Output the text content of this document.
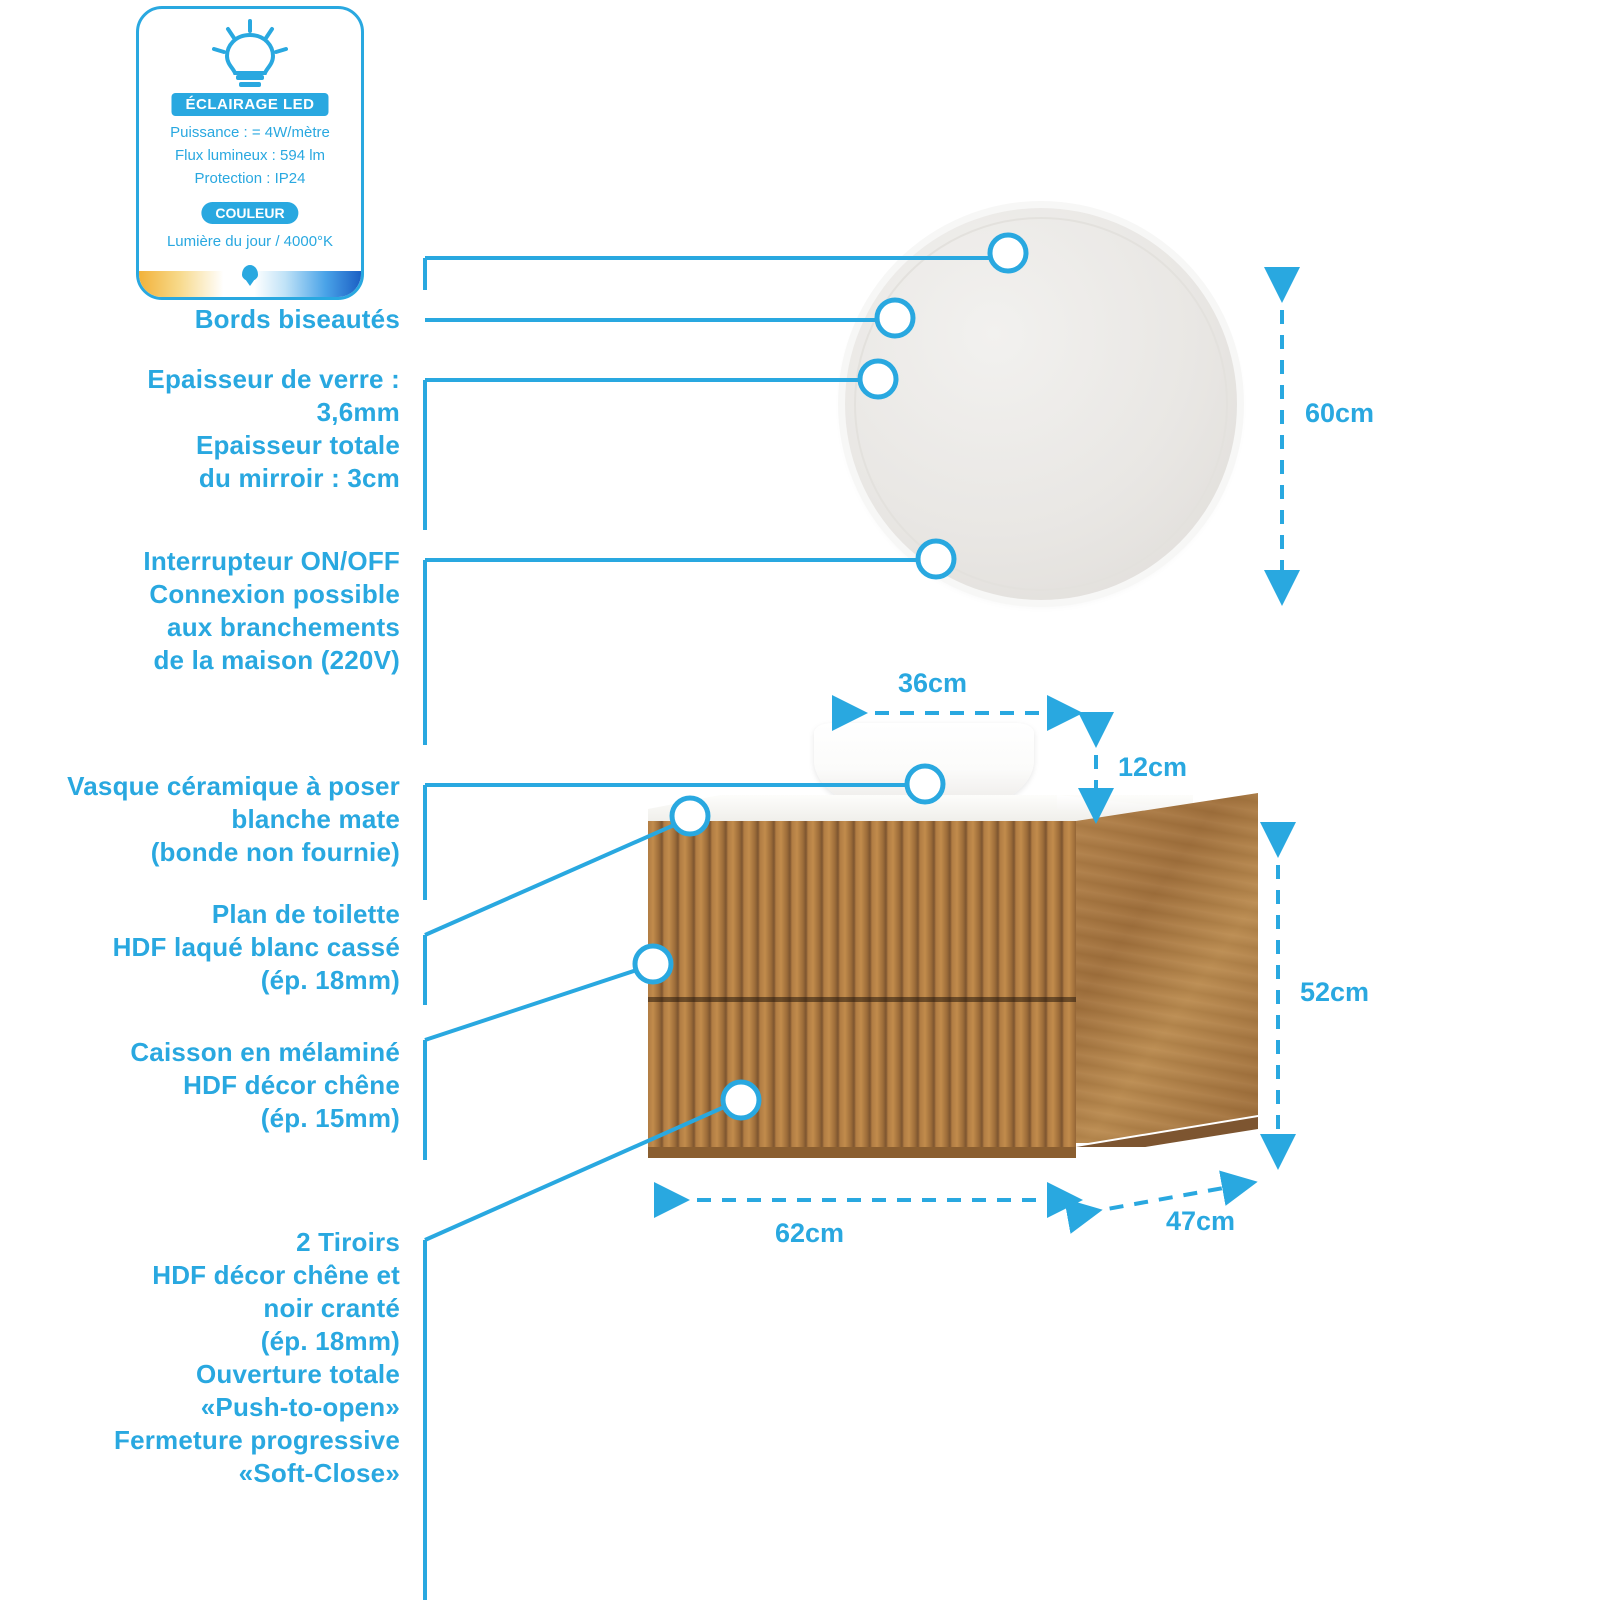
ÉCLAIRAGE LED
Puissance : = 4W/mètre
Flux lumineux : 594 lm
Protection : IP24
COULEUR
Lumière du jour / 4000°K
Bords biseautés
Epaisseur de verre :
3,6mm
Epaisseur totale
du mirroir : 3cm
Interrupteur ON/OFF
Connexion possible
aux branchements
de la maison (220V)
Vasque céramique à poser
blanche mate
(bonde non fournie)
Plan de toilette
HDF laqué blanc cassé
(ép. 18mm)
Caisson en mélaminé
HDF décor chêne
(ép. 15mm)
2 Tiroirs
HDF décor chêne et
noir cranté
(ép. 18mm)
Ouverture totale
«Push-to-open»
Fermeture progressive
«Soft-Close»
60cm
36cm
12cm
52cm
62cm	47cm
